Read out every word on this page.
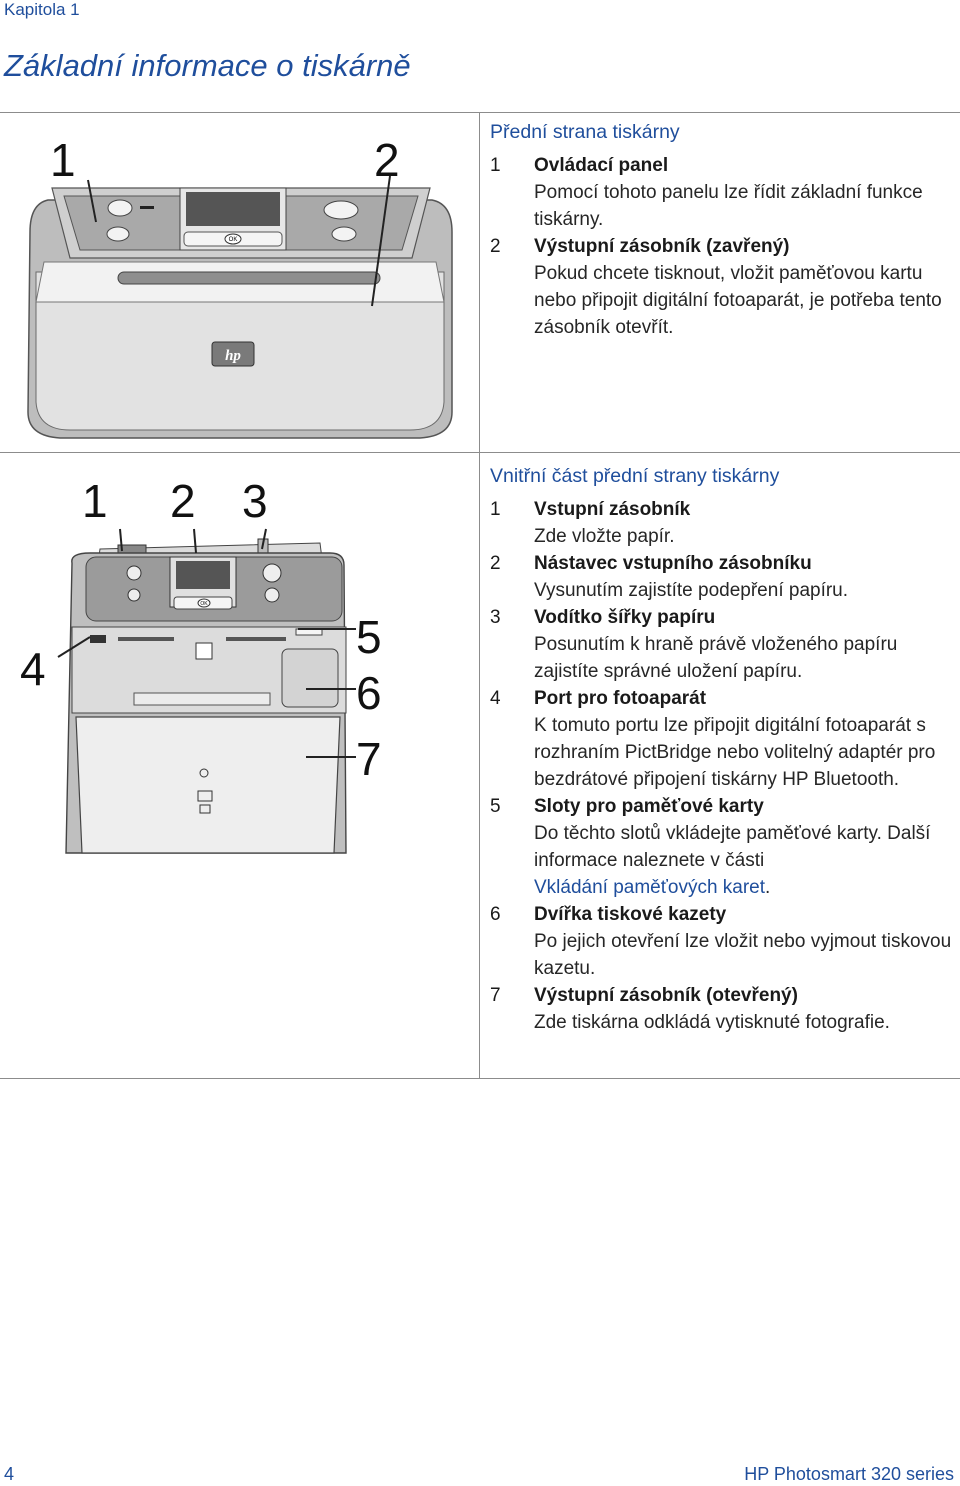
Kapitola 1
Základní informace o tiskárně
OK
hp
1	2
OK
1 2 3
4
5
6
7
Přední strana tiskárny
1 Ovládací panel
Pomocí tohoto panelu lze řídit základní funkce tiskárny.
2 Výstupní zásobník (zavřený)
Pokud chcete tisknout, vložit paměťovou kartu nebo připojit digitální fotoaparát, je potřeba tento zásobník otevřít.
Vnitřní část přední strany tiskárny
1 Vstupní zásobník
Zde vložte papír.
2 Nástavec vstupního zásobníku
Vysunutím zajistíte podepření papíru.
3 Vodítko šířky papíru
Posunutím k hraně právě vloženého papíru zajistíte správné uložení papíru.
4 Port pro fotoaparát
K tomuto portu lze připojit digitální fotoaparát s rozhraním PictBridge nebo volitelný adaptér pro bezdrátové připojení tiskárny HP Bluetooth.
5 Sloty pro paměťové karty
Do těchto slotů vkládejte paměťové karty. Další informace naleznete v části
Vkládání paměťových karet.
6 Dvířka tiskové kazety
Po jejich otevření lze vložit nebo vyjmout tiskovou kazetu.
7 Výstupní zásobník (otevřený)
Zde tiskárna odkládá vytisknuté fotografie.
4	HP Photosmart 320 series
